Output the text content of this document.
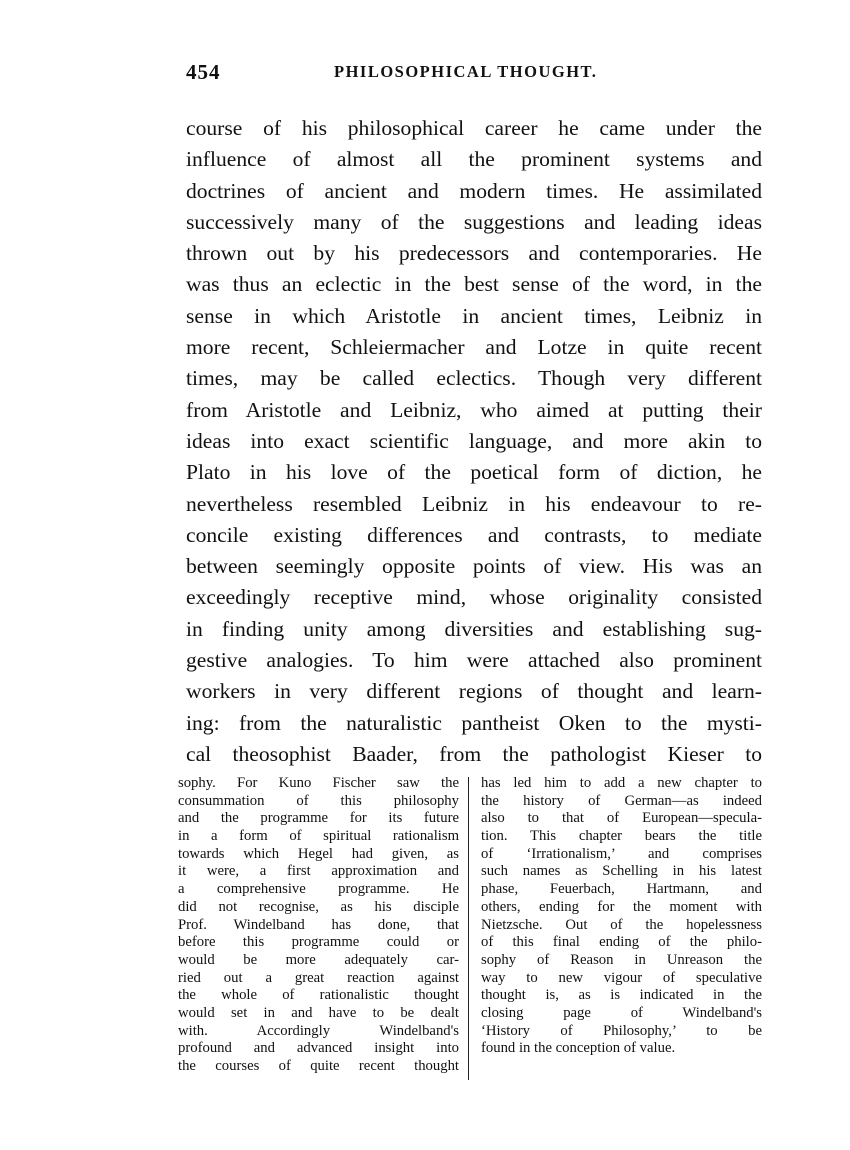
454	PHILOSOPHICAL THOUGHT.
course of his philosophical career he came under the
influence of almost all the prominent systems and
doctrines of ancient and modern times. He assimilated
successively many of the suggestions and leading ideas
thrown out by his predecessors and contemporaries. He
was thus an eclectic in the best sense of the word, in the
sense in which Aristotle in ancient times, Leibniz in
more recent, Schleiermacher and Lotze in quite recent
times, may be called eclectics. Though very different
from Aristotle and Leibniz, who aimed at putting their
ideas into exact scientific language, and more akin to
Plato in his love of the poetical form of diction, he
nevertheless resembled Leibniz in his endeavour to re-
concile existing differences and contrasts, to mediate
between seemingly opposite points of view. His was an
exceedingly receptive mind, whose originality consisted
in finding unity among diversities and establishing sug-
gestive analogies. To him were attached also prominent
workers in very different regions of thought and learn-
ing: from the naturalistic pantheist Oken to the mysti-
cal theosophist Baader, from the pathologist Kieser to
sophy. For Kuno Fischer saw the
consummation of this philosophy
and the programme for its future
in a form of spiritual rationalism
towards which Hegel had given, as
it were, a first approximation and
a comprehensive programme. He
did not recognise, as his disciple
Prof. Windelband has done, that
before this programme could or
would be more adequately car-
ried out a great reaction against
the whole of rationalistic thought
would set in and have to be dealt
with. Accordingly Windelband's
profound and advanced insight into
the courses of quite recent thought
has led him to add a new chapter to
the history of German—as indeed
also to that of European—specula-
tion. This chapter bears the title
of ‘Irrationalism,’ and comprises
such names as Schelling in his latest
phase, Feuerbach, Hartmann, and
others, ending for the moment with
Nietzsche. Out of the hopelessness
of this final ending of the philo-
sophy of Reason in Unreason the
way to new vigour of speculative
thought is, as is indicated in the
closing page of Windelband's
‘History of Philosophy,’ to be
found in the conception of value.
